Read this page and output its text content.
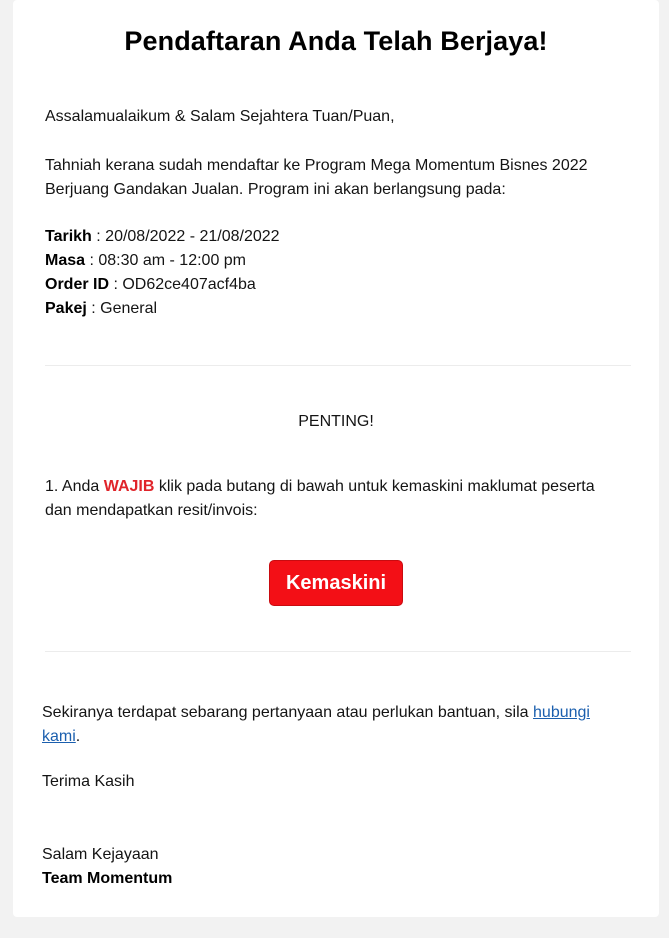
Pendaftaran Anda Telah Berjaya!

Assalamualaikum & Salam Sejahtera Tuan/Puan,

Tahniah kerana sudah mendaftar ke Program Mega Momentum Bisnes 2022

Berjuang Gandakan Jualan. Program ini akan berlangsung pada:

Tarikh : 20/08/2022 - 21/08/2022

Masa : 08:30 am - 12:00 pm

Order ID : OD62ce407acf4ba

Pakej : General

PENTING!

1. Anda WAJIB klik pada butang di bawah untuk kemaskini maklumat peserta

dan mendapatkan resit/invois:

Kemaskini

Sekiranya terdapat sebarang pertanyaan atau perlukan bantuan, sila hubungi

kami.

Terima Kasih

Salam Kejayaan

Team Momentum
